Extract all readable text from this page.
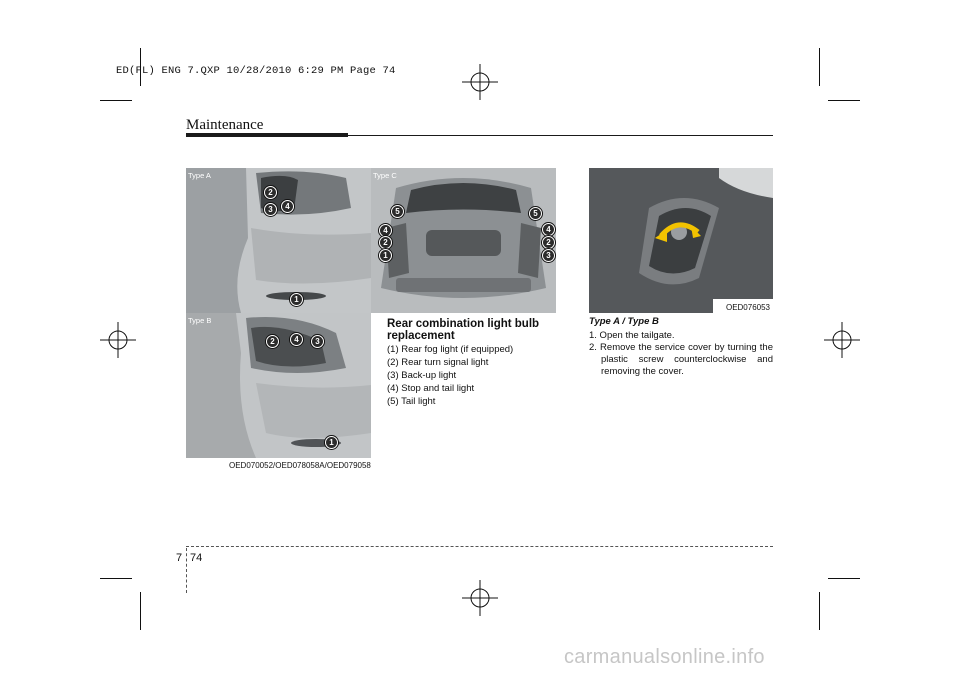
ED(FL) ENG 7.QXP 10/28/2010 6:29 PM Page 74
Maintenance
Type A
2
3	4
1
Type B
2	4	3
1
Type C
5
4
2
1
5
4
2
3
OED070052/OED078058A/OED079058
OED076053
Rear combination light bulb replacement
(1) Rear fog light (if equipped)
(2) Rear turn signal light
(3) Back-up light
(4) Stop and tail light
(5) Tail light
Type A / Type B
1. Open the tailgate.
2. Remove the service cover by turning the plastic screw counterclockwise and removing the cover.
7 74
carmanualsonline.info
